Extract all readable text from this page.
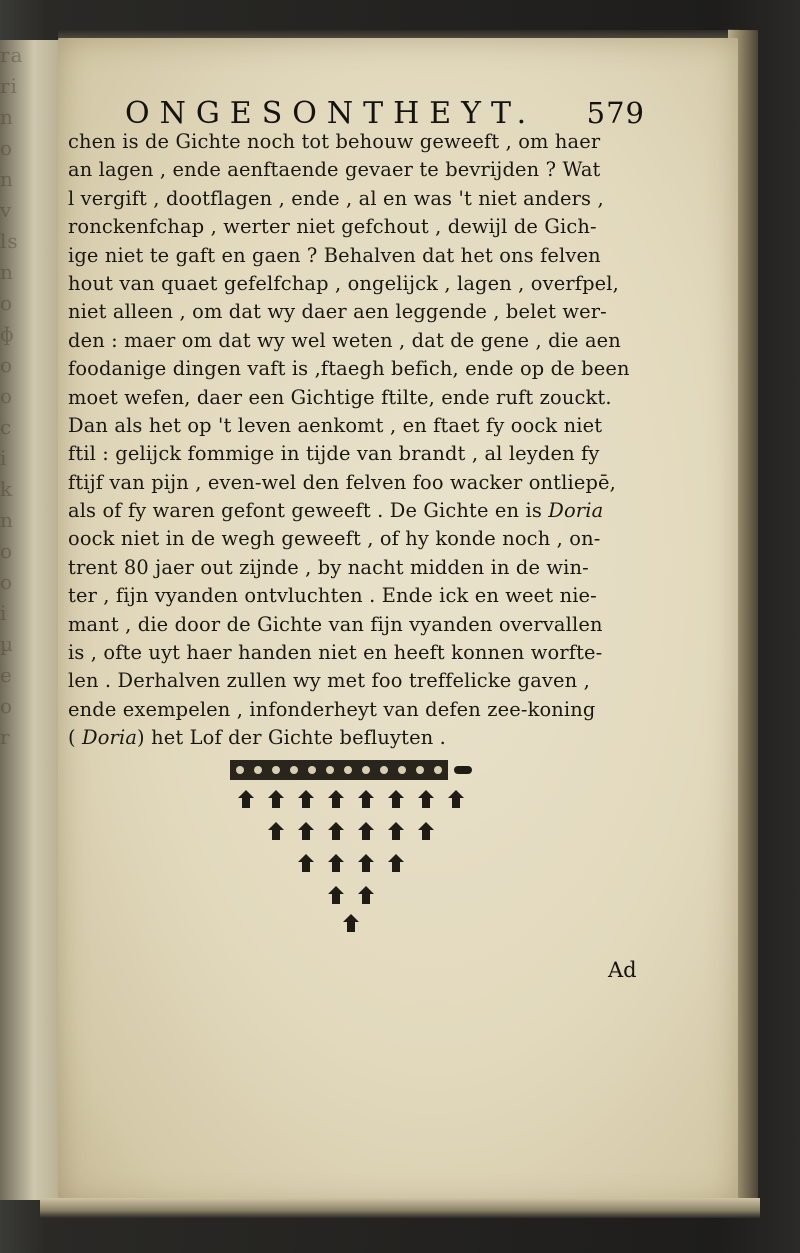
ra
ri
n
o
n
v
ls
n
o
ɸ
o
o
c
i
k
n
o
o
i
µ
e
o
r
ONGESONTHEYT. 579
chen is de Gichte noch tot behouw geweeft , om haer
an lagen , ende aenftaende gevaer te bevrijden ? Wat
l vergift , dootflagen , ende , al en was 't niet anders ,
ronckenfchap , werter niet gefchout , dewijl de Gich-
ige niet te gaft en gaen ? Behalven dat het ons felven
hout van quaet gefelfchap , ongelijck , lagen , overfpel,
niet alleen , om dat wy daer aen leggende , belet wer-
den : maer om dat wy wel weten , dat de gene , die aen
foodanige dingen vaft is ,ftaegh befich, ende op de been
moet wefen, daer een Gichtige ftilte, ende ruft zouckt.
Dan als het op 't leven aenkomt , en ftaet fy oock niet
ftil : gelijck fommige in tijde van brandt , al leyden fy
ftijf van pijn , even-wel den felven foo wacker ontliepē,
als of fy waren gefont geweeft . De Gichte en is Doria
oock niet in de wegh geweeft , of hy konde noch , on-
trent 80 jaer out zijnde , by nacht midden in de win-
ter , fijn vyanden ontvluchten . Ende ick en weet nie-
mant , die door de Gichte van fijn vyanden overvallen
is , ofte uyt haer handen niet en heeft konnen worfte-
len . Derhalven zullen wy met foo treffelicke gaven ,
ende exempelen , infonderheyt van defen zee-koning
( Doria) het Lof der Gichte befluyten .
Ad
